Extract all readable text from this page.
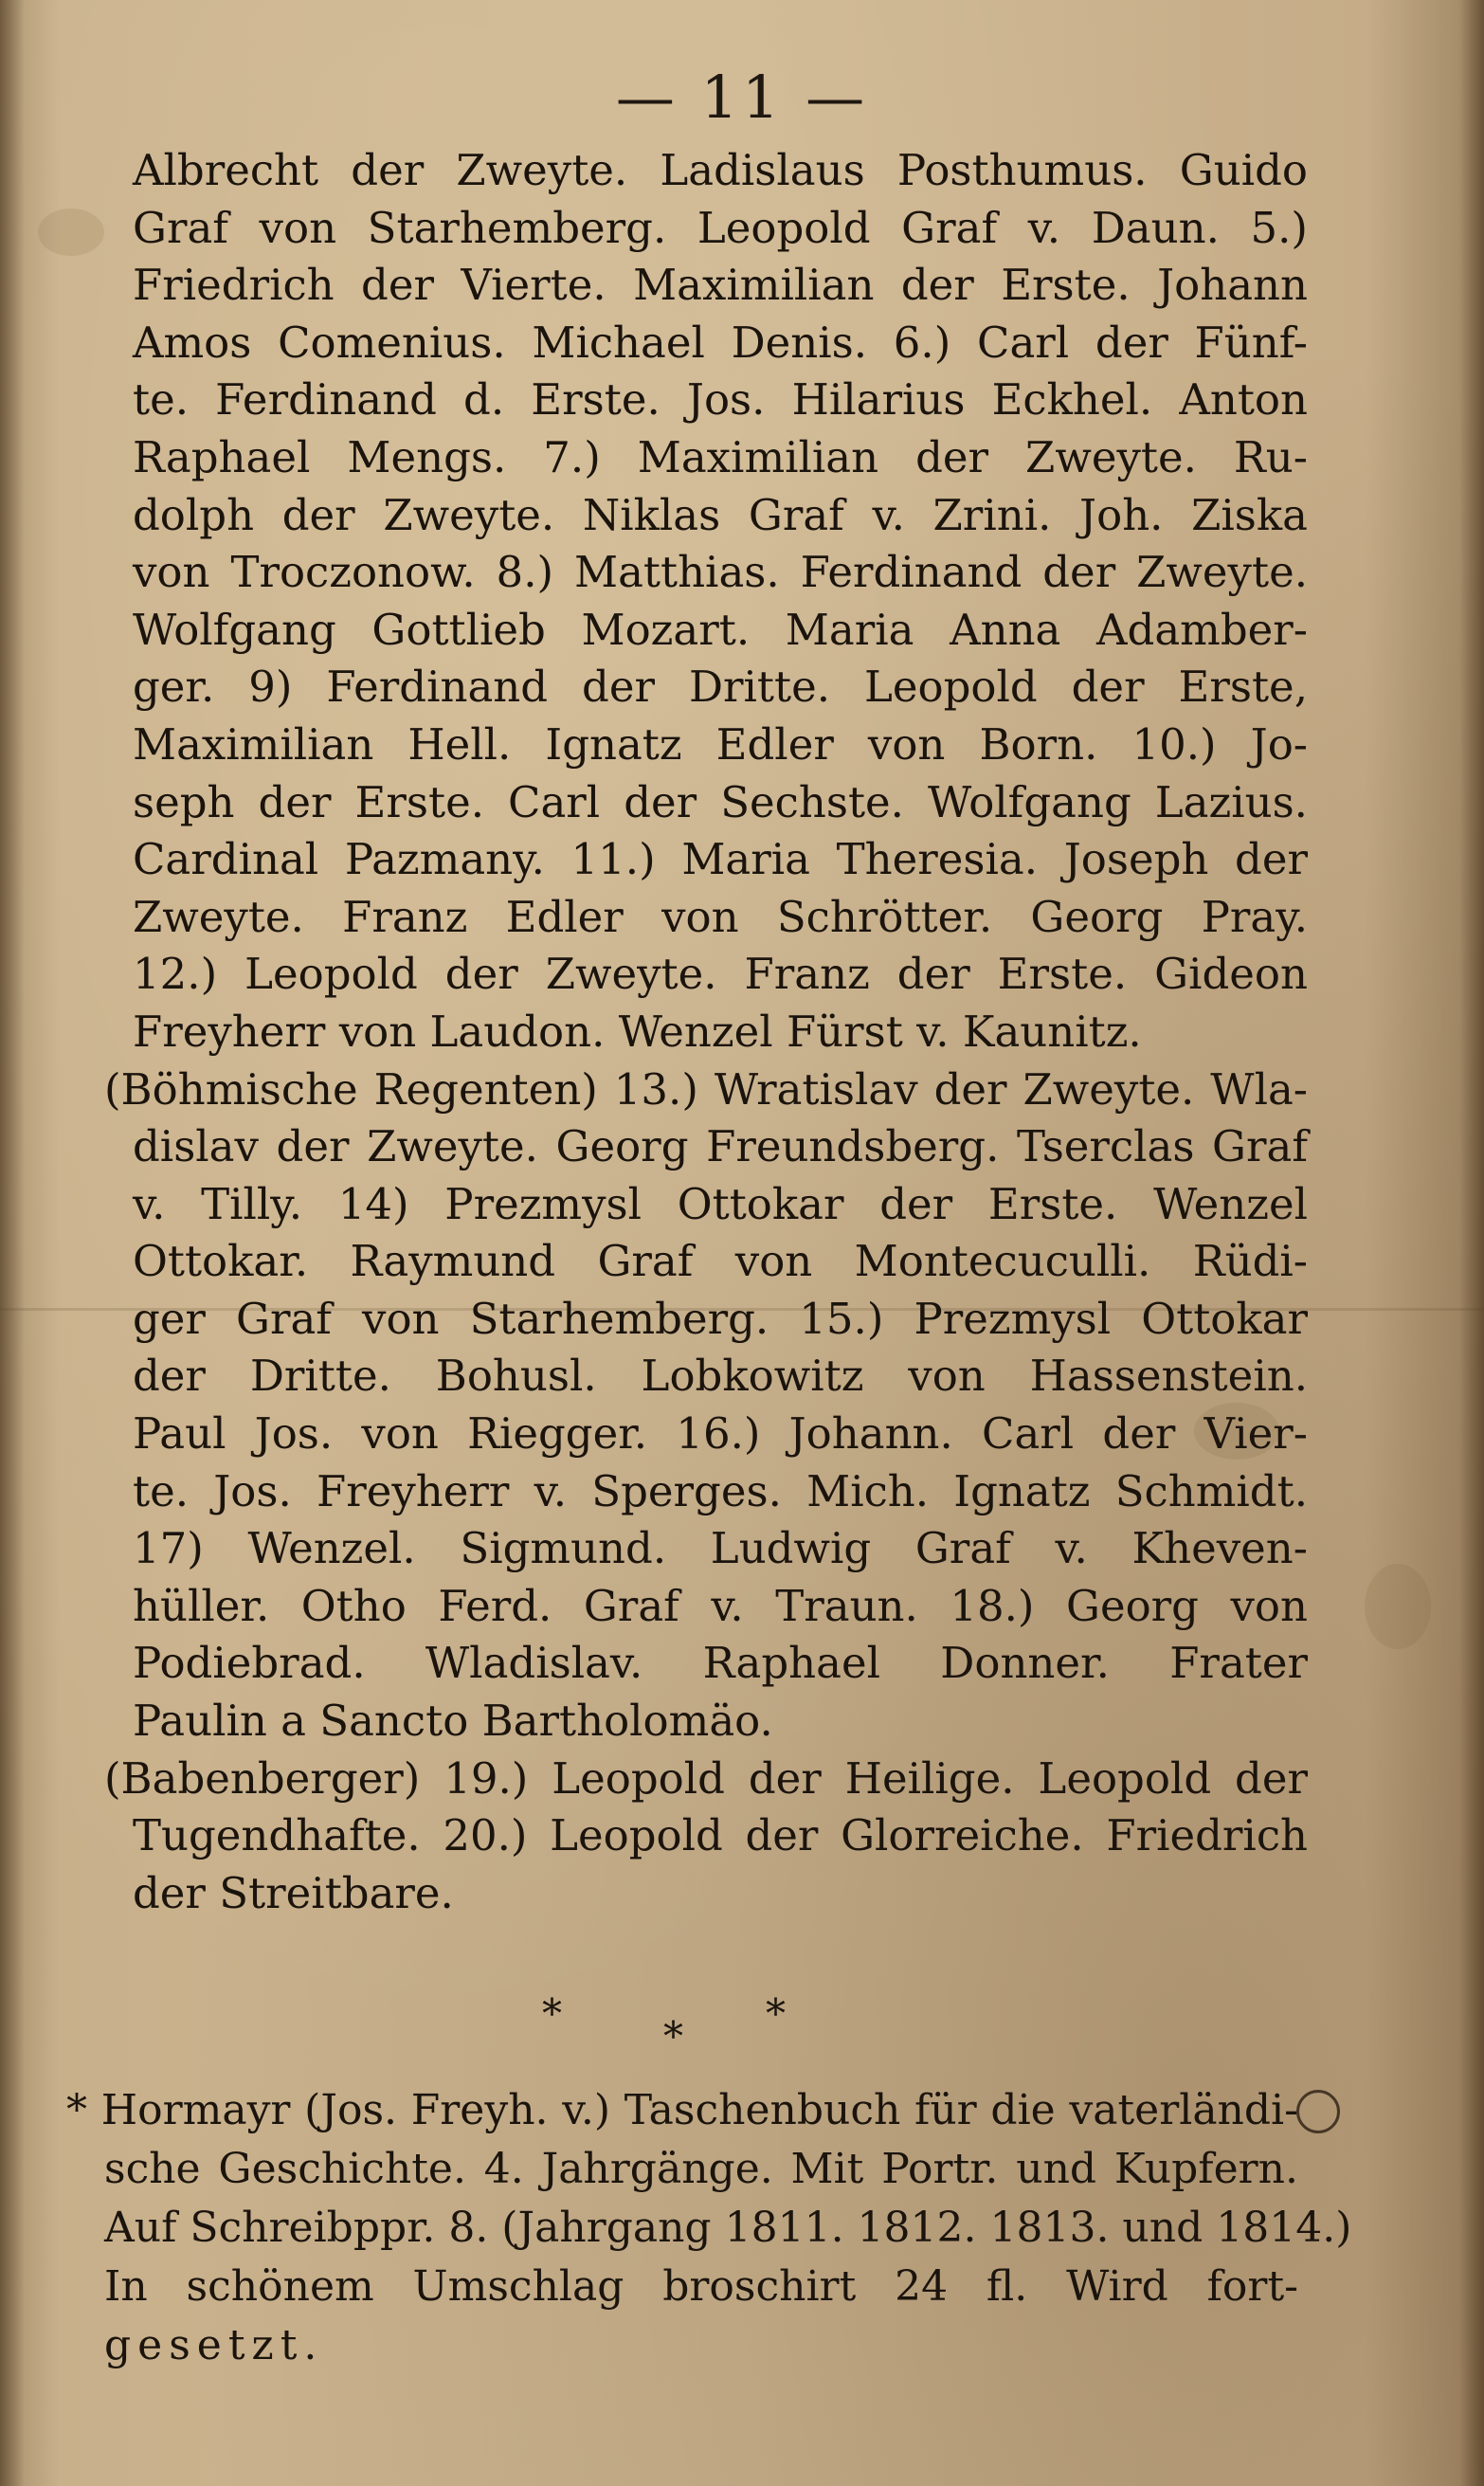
— 11 —
Albrecht der Zweyte. Ladislaus Posthumus. Guido
Graf von Starhemberg. Leopold Graf v. Daun. 5.)
Friedrich der Vierte. Maximilian der Erste. Johann
Amos Comenius. Michael Denis. 6.) Carl der Fünf-
te. Ferdinand d. Erste. Jos. Hilarius Eckhel. Anton
Raphael Mengs. 7.) Maximilian der Zweyte. Ru-
dolph der Zweyte. Niklas Graf v. Zrini. Joh. Ziska
von Troczonow. 8.) Matthias. Ferdinand der Zweyte.
Wolfgang Gottlieb Mozart. Maria Anna Adamber-
ger. 9) Ferdinand der Dritte. Leopold der Erste,
Maximilian Hell. Ignatz Edler von Born. 10.) Jo-
seph der Erste. Carl der Sechste. Wolfgang Lazius.
Cardinal Pazmany. 11.) Maria Theresia. Joseph der
Zweyte. Franz Edler von Schrötter. Georg Pray.
12.) Leopold der Zweyte. Franz der Erste. Gideon
Freyherr von Laudon. Wenzel Fürst v. Kaunitz.
(Böhmische Regenten) 13.) Wratislav der Zweyte. Wla-
dislav der Zweyte. Georg Freundsberg. Tserclas Graf
v. Tilly. 14) Prezmysl Ottokar der Erste. Wenzel
Ottokar. Raymund Graf von Montecuculli. Rüdi-
ger Graf von Starhemberg. 15.) Prezmysl Ottokar
der Dritte. Bohusl. Lobkowitz von Hassenstein.
Paul Jos. von Riegger. 16.) Johann. Carl der Vier-
te. Jos. Freyherr v. Sperges. Mich. Ignatz Schmidt.
17) Wenzel. Sigmund. Ludwig Graf v. Kheven-
hüller. Otho Ferd. Graf v. Traun. 18.) Georg von
Podiebrad. Wladislav. Raphael Donner. Frater
Paulin a Sancto Bartholomäo.
(Babenberger) 19.) Leopold der Heilige. Leopold der
Tugendhafte. 20.) Leopold der Glorreiche. Friedrich
der Streitbare.
*	* *
* Hormayr (Jos. Freyh. v.) Taschenbuch für die vaterländi-
sche Geschichte. 4. Jahrgänge. Mit Portr. und Kupfern.
Auf Schreibppr. 8. (Jahrgang 1811. 1812. 1813. und 1814.)
In schönem Umschlag broschirt 24 fl. Wird fort-
gesetzt.
